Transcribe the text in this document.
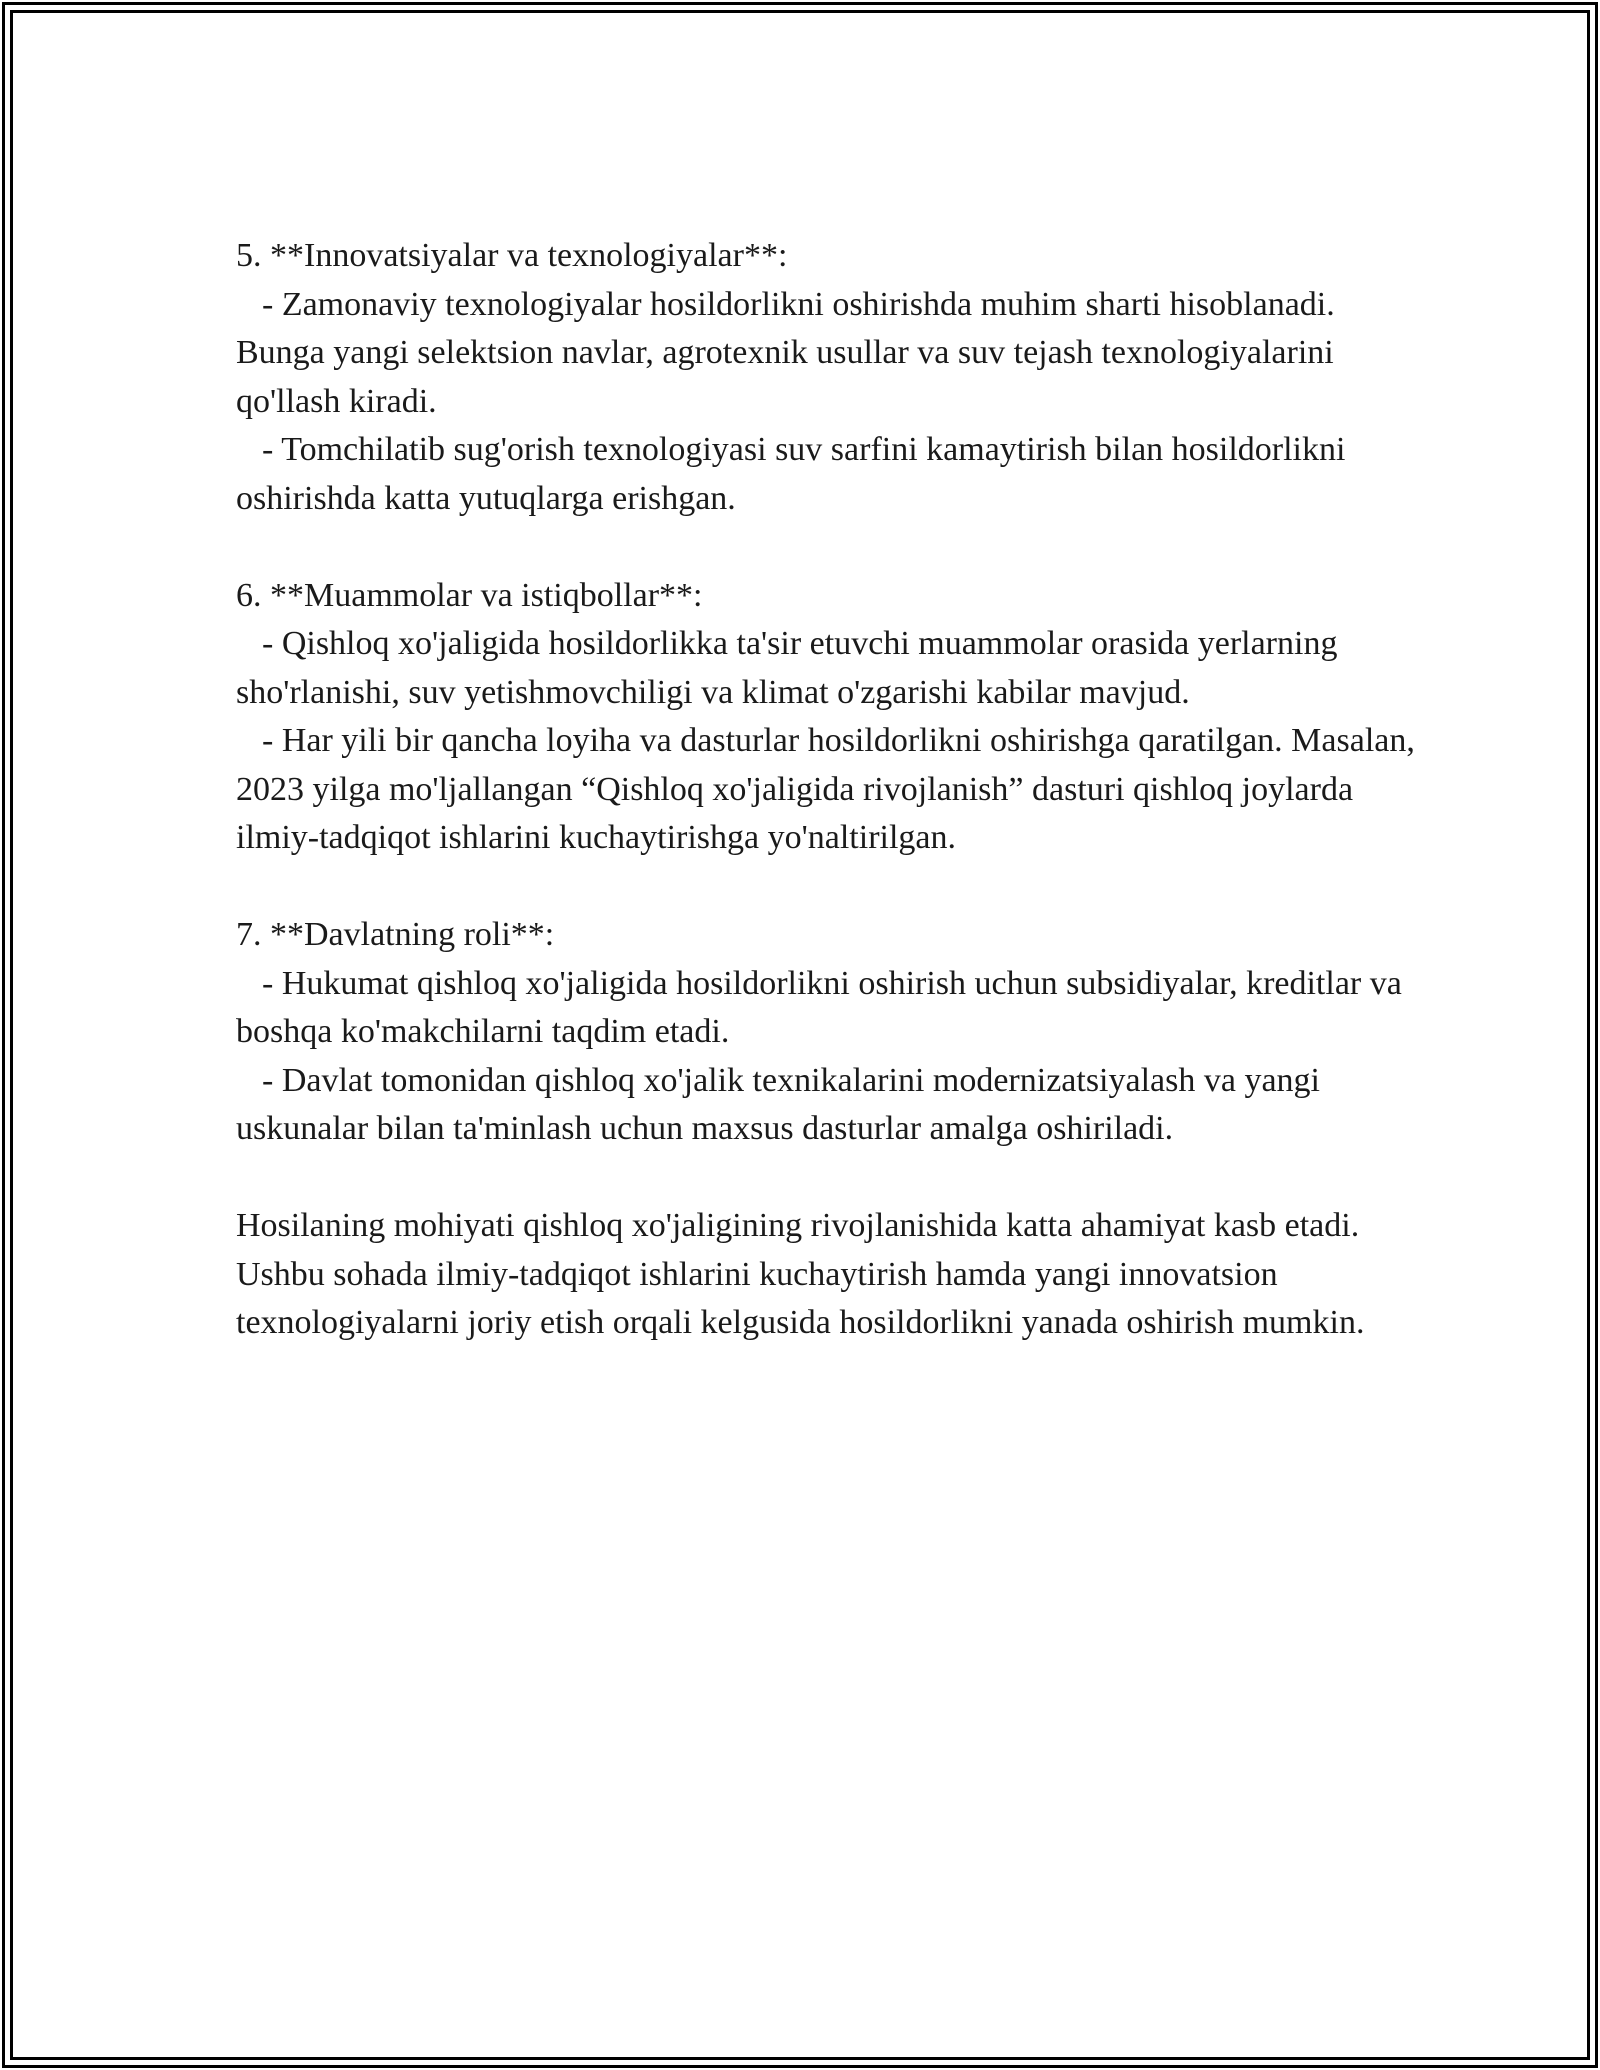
5. **Innovatsiyalar va texnologiyalar**:

- Zamonaviy texnologiyalar hosildorlikni oshirishda muhim sharti hisoblanadi. Bunga yangi selektsion navlar, agrotexnik usullar va suv tejash texnologiyalarini qo'llash kiradi.

- Tomchilatib sug'orish texnologiyasi suv sarfini kamaytirish bilan hosildorlikni oshirishda katta yutuqlarga erishgan.

6. **Muammolar va istiqbollar**:

- Qishloq xo'jaligida hosildorlikka ta'sir etuvchi muammolar orasida yerlarning sho'rlanishi, suv yetishmovchiligi va klimat o'zgarishi kabilar mavjud.

- Har yili bir qancha loyiha va dasturlar hosildorlikni oshirishga qaratilgan. Masalan, 2023 yilga mo'ljallangan “Qishloq xo'jaligida rivojlanish” dasturi qishloq joylarda ilmiy-tadqiqot ishlarini kuchaytirishga yo'naltirilgan.

7. **Davlatning roli**:

- Hukumat qishloq xo'jaligida hosildorlikni oshirish uchun subsidiyalar, kreditlar va boshqa ko'makchilarni taqdim etadi.

- Davlat tomonidan qishloq xo'jalik texnikalarini modernizatsiyalash va yangi uskunalar bilan ta'minlash uchun maxsus dasturlar amalga oshiriladi.

Hosilaning mohiyati qishloq xo'jaligining rivojlanishida katta ahamiyat kasb etadi. Ushbu sohada ilmiy-tadqiqot ishlarini kuchaytirish hamda yangi innovatsion texnologiyalarni joriy etish orqali kelgusida hosildorlikni yanada oshirish mumkin.
